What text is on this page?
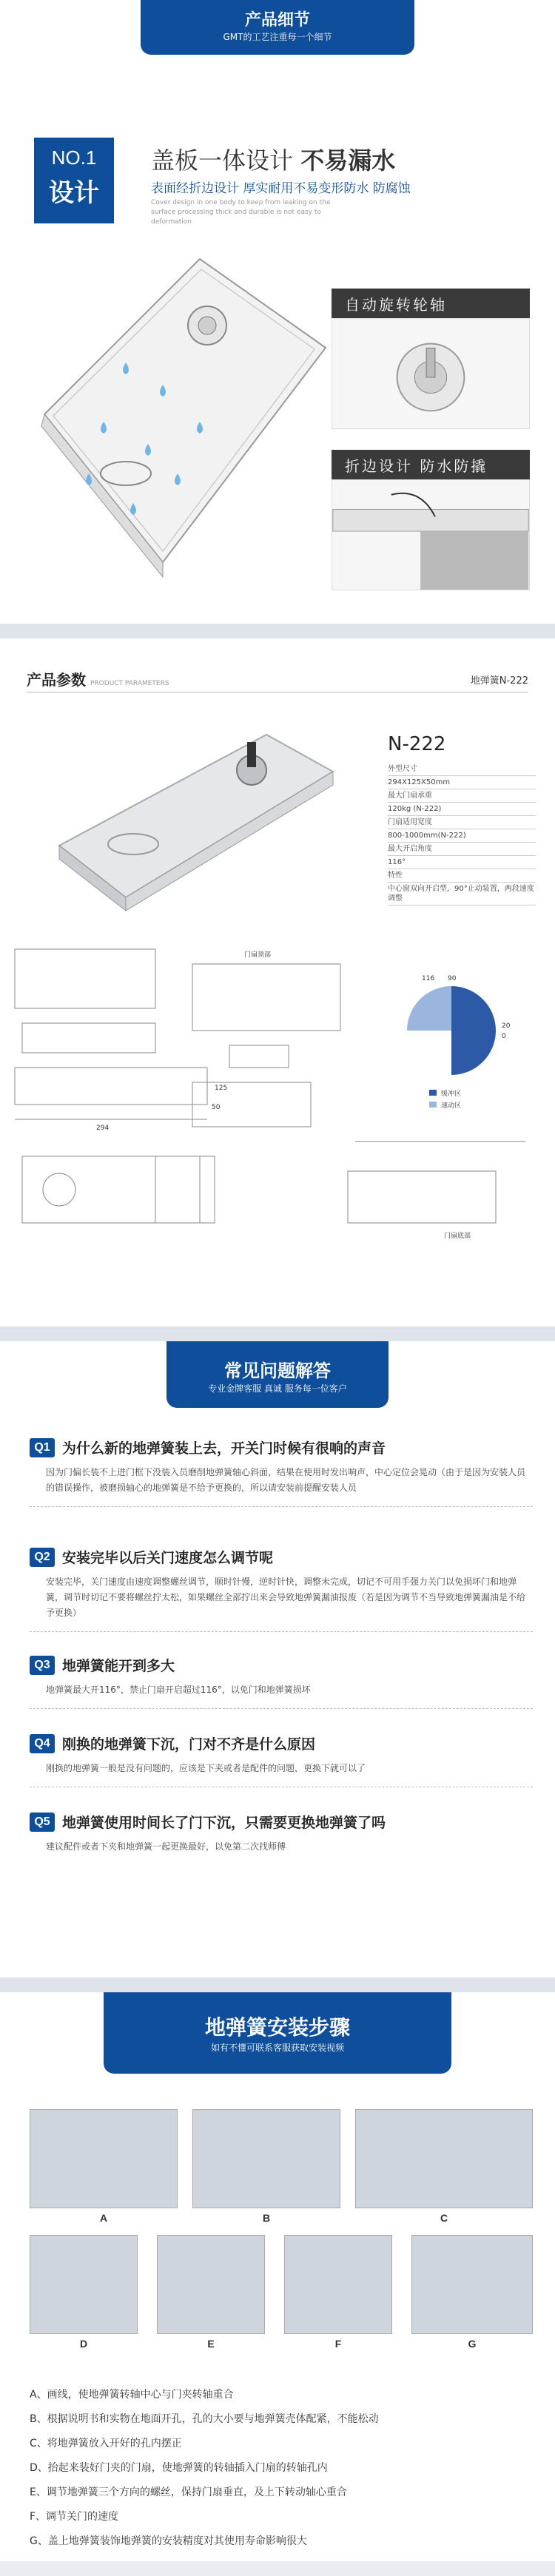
产品细节
GMT的工艺注重每一个细节
NO.1
设计
盖板一体设计 不易漏水
表面经折边设计 厚实耐用不易变形防水 防腐蚀
Cover design in one body to keep from leaking on the surface processing thick and durable is not easy to deformation
自动旋转轮轴
折边设计 防水防撬
产品参数 PRODUCT PARAMETERS	地弹簧N-222
N-222
外型尺寸
294X125X50mm
最大门扇承重
120kg (N-222)
门扇适用宽度
800-1000mm(N-222)
最大开启角度
116°
特性
中心窗双向开启型，90°止动装置，两段速度调整
缓冲区
速动区
116 90
20
0
门扇顶部
门扇底部
294
125
50
常见问题解答
专业金牌客服 真诚 服务每一位客户
Q1 为什么新的地弹簧装上去，开关门时候有很响的声音
因为门偏长装不上进门框下没装入员磨削地弹簧轴心斜面，结果在使用时发出响声，中心定位会晃动（由于是因为安装人员的错误操作，被磨损轴心的地弹簧是不给予更换的，所以请安装前提醒安装人员
Q2 安装完毕以后关门速度怎么调节呢
安装完毕，关门速度由速度调整螺丝调节，顺时针慢，逆时针快，调整未完成，切记不可用手强力关门以免损坏门和地弹簧，调节时切记不要将螺丝拧太松，如果螺丝全部拧出来会导致地弹簧漏油报废（若是因为调节不当导致地弹簧漏油是不给予更换）
Q3 地弹簧能开到多大
地弹簧最大开116°，禁止门扇开启超过116°，以免门和地弹簧损坏
Q4 刚换的地弹簧下沉，门对不齐是什么原因
刚换的地弹簧一般是没有问题的，应该是下夹或者是配件的问题，更换下就可以了
Q5 地弹簧使用时间长了门下沉，只需要更换地弹簧了吗
建议配件或者下夹和地弹簧一起更换最好，以免第二次找师傅
地弹簧安装步骤
如有不懂可联系客服获取安装视频
A	B	C
D	E	F	G
A、画线，使地弹簧转轴中心与门夹转轴重合
B、根据说明书和实物在地面开孔，孔的大小要与地弹簧壳体配紧，不能松动
C、将地弹簧放入开好的孔内摆正
D、抬起来装好门夹的门扇，使地弹簧的转轴插入门扇的转轴孔内
E、调节地弹簧三个方向的螺丝，保持门扇垂直，及上下转动轴心重合
F、调节关门的速度
G、盖上地弹簧装饰地弹簧的安装精度对其使用寿命影响很大
